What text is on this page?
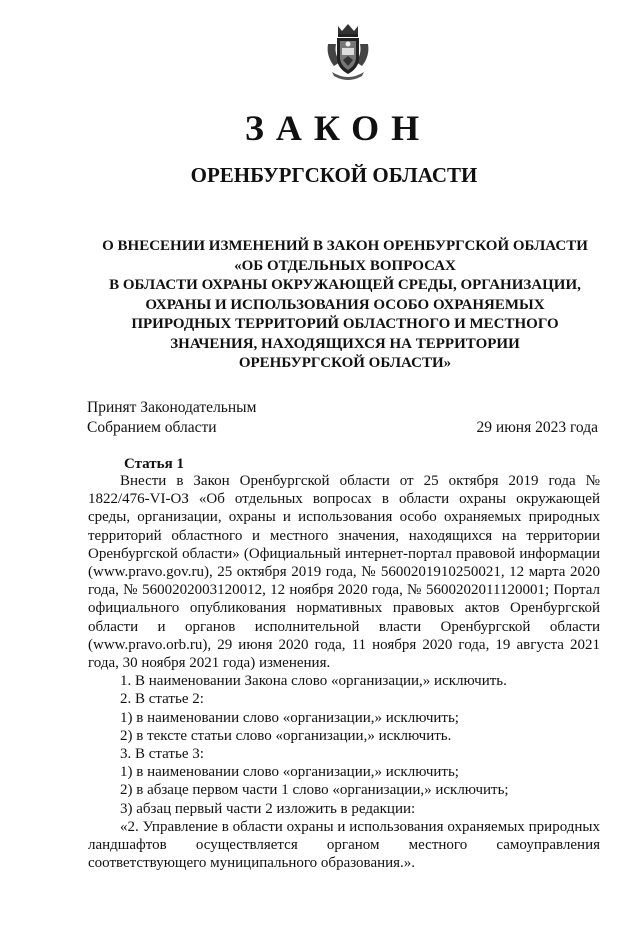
ЗАКОН
ОРЕНБУРГСКОЙ ОБЛАСТИ
О ВНЕСЕНИИ ИЗМЕНЕНИЙ В ЗАКОН ОРЕНБУРГСКОЙ ОБЛАСТИ
«ОБ ОТДЕЛЬНЫХ ВОПРОСАХ
В ОБЛАСТИ ОХРАНЫ ОКРУЖАЮЩЕЙ СРЕДЫ, ОРГАНИЗАЦИИ,
ОХРАНЫ И ИСПОЛЬЗОВАНИЯ ОСОБО ОХРАНЯЕМЫХ
ПРИРОДНЫХ ТЕРРИТОРИЙ ОБЛАСТНОГО И МЕСТНОГО
ЗНАЧЕНИЯ, НАХОДЯЩИХСЯ НА ТЕРРИТОРИИ
ОРЕНБУРГСКОЙ ОБЛАСТИ»
Принят Законодательным
Собранием области	29 июня 2023 года
Статья 1

Внести в Закон Оренбургской области от 25 октября 2019 года № 1822/476-VI-ОЗ «Об отдельных вопросах в области охраны окружающей среды, организации, охраны и использования особо охраняемых природных территорий областного и местного значения, находящихся на территории Оренбургской области» (Официальный интернет-портал правовой информации (www.pravo.gov.ru), 25 октября 2019 года, № 5600201910250021, 12 марта 2020 года, № 5600202003120012, 12 ноября 2020 года, № 5600202011120001; Портал официального опубликования нормативных правовых актов Оренбургской области и органов исполнительной власти Оренбургской области (www.pravo.orb.ru), 29 июня 2020 года, 11 ноября 2020 года, 19 августа 2021 года, 30 ноября 2021 года) изменения.

1. В наименовании Закона слово «организации,» исключить.

2. В статье 2:

1) в наименовании слово «организации,» исключить;

2) в тексте статьи слово «организации,» исключить.

3. В статье 3:

1) в наименовании слово «организации,» исключить;

2) в абзаце первом части 1 слово «организации,» исключить;

3) абзац первый части 2 изложить в редакции:

«2. Управление в области охраны и использования охраняемых природных ландшафтов осуществляется органом местного самоуправления соответствующего муниципального образования.».
